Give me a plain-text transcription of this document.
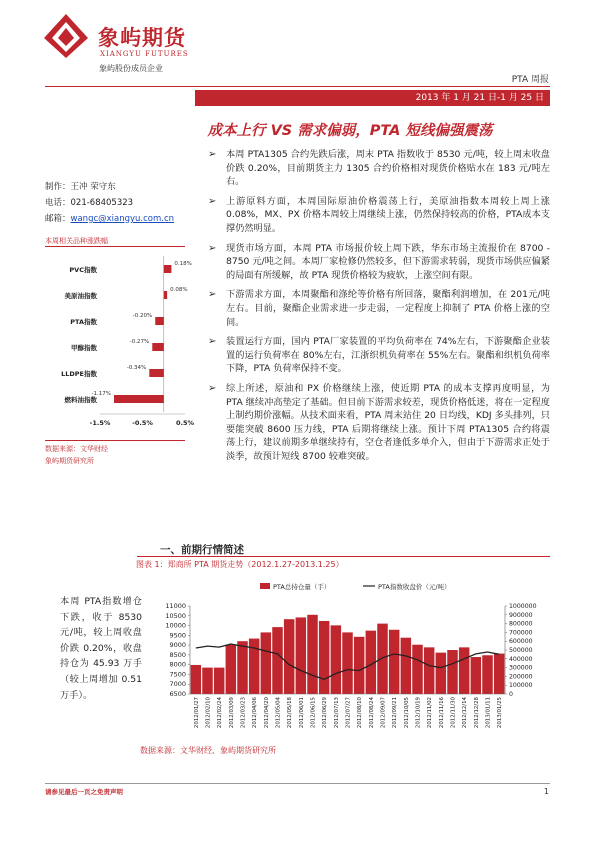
象屿期货
XIANGYU FUTURES
象屿股份成员企业
PTA 周报
2013 年 1 月 21 日-1 月 25 日
成本上行 VS 需求偏弱，PTA 短线偏强震荡
制作：王冲 荣守东
电话：021-68405323
邮箱：wangc@xiangyu.com.cn
本周相关品种涨跌幅
PVC指数
0.18%
美原油指数
0.08%
PTA指数
-0.20%
甲醇指数
-0.27%
LLDPE指数
-0.34%
燃料油指数
-1.17%
-1.5%	-0.5%	0.5%
数据来源：文华财经
象屿期货研究所
➢ 本周 PTA1305 合约先跌后涨，周末 PTA 指数收于 8530 元/吨，较上周末收盘价跌 0.20%，目前期货主力 1305 合约价格相对现货价格贴水在 183 元/吨左右。
➢ 上游原料方面，本周国际原油价格震荡上行，美原油指数本周较上周上涨 0.08%，MX、PX 价格本周较上周继续上涨，仍然保持较高的价格，PTA成本支撑仍然明显。
➢ 现货市场方面，本周 PTA 市场报价较上周下跌，华东市场主流报价在 8700 - 8750 元/吨之间。本周厂家检修仍然较多，但下游需求转弱，现货市场供应偏紧的局面有所缓解，故 PTA 现货价格较为疲软，上涨空间有限。
➢ 下游需求方面，本周聚酯和涤纶等价格有所回落，聚酯利润增加，在 201元/吨左右。目前，聚酯企业需求进一步走弱，一定程度上抑制了 PTA 价格上涨的空间。
➢ 装置运行方面，国内 PTA厂家装置的平均负荷率在 74%左右，下游聚酯企业装置的运行负荷率在 80%左右，江浙织机负荷率在 55%左右。聚酯和织机负荷率下降，PTA 负荷率保持不变。
➢ 综上所述，原油和 PX 价格继续上涨，使近期 PTA 的成本支撑再度明显，为 PTA 继续冲高垫定了基础。但目前下游需求较差，现货价格低迷，将在一定程度上制约期价涨幅。从技术面来看，PTA 周末站住 20 日均线，KDJ 多头排列，只要能突破 8600 压力线，PTA 后期将继续上涨。预计下周 PTA1305 合约将震荡上行，建议前期多单继续持有，空仓者逢低多单介入，但由于下游需求正处于淡季，故预计短线 8700 较难突破。
一、前期行情简述
图表 1：郑商所 PTA 期货走势（2012.1.27-2013.1.25）
本周 PTA指数增仓下跌，收于 8530 元/吨，较上周收盘价跌 0.20%，收盘持仓为 45.93 万手（较上周增加 0.51 万手）。
PTA总持仓量（手）	PTA指数收盘价（元/吨）
6500
7000
7500
8000
8500
9000
9500
10000
10500
11000
0
100000
200000
300000
400000
500000
600000
700000
800000
900000
1000000
2012/01/27 2012/02/10 2012/02/24 2012/03/09 2012/03/23 2012/04/06 2012/04/20 2012/05/04 2012/05/18 2012/06/01 2012/06/15 2012/06/29 2012/07/13 2012/07/27 2012/08/10 2012/08/24 2012/09/07 2012/09/21 2012/10/05 2012/10/19 2012/11/02 2012/11/16 2012/11/30 2012/12/14 2012/12/28 2013/01/11 2013/01/25
数据来源：文华财经、象屿期货研究所
请参见最后一页之免责声明	1
